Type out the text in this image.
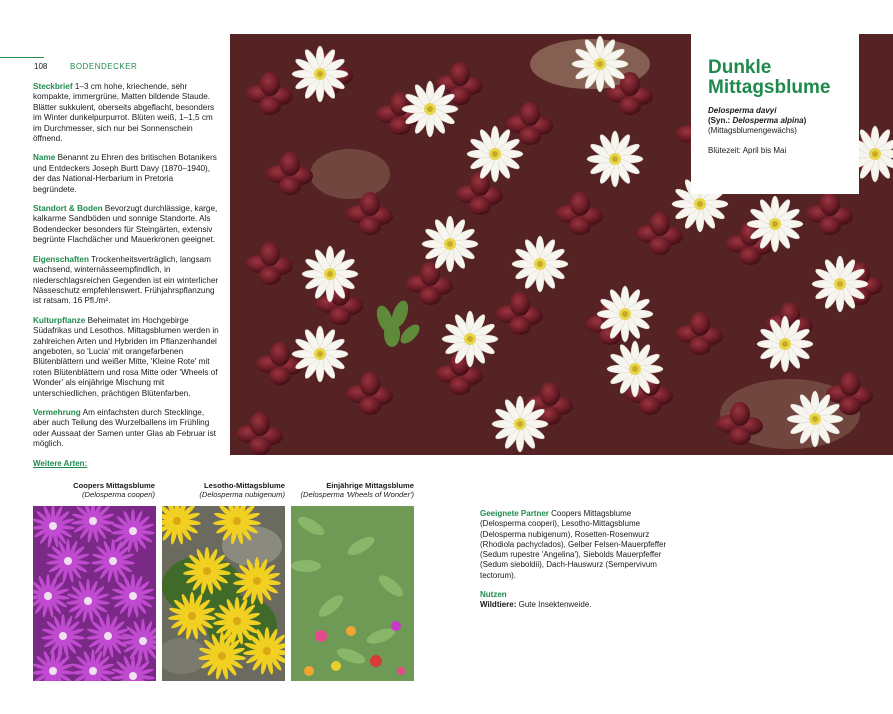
108	BODENDECKER

Steckbrief 1–3 cm hohe, kriechende, sehr kompakte, immergrüne, Matten bildende Staude. Blätter sukkulent, oberseits abgeflacht, besonders im Winter dunkelpurpurrot. Blüten weiß, 1–1,5 cm im Durchmesser, sich nur bei Sonnenschein öffnend.

Name Benannt zu Ehren des britischen Botanikers und Entdeckers Joseph Burtt Davy (1870–1940), der das National-Herbarium in Pretoria begründete.

Standort & Boden Bevorzugt durchlässige, karge, kalkarme Sandböden und sonnige Standorte. Als Bodendecker besonders für Steingärten, extensiv begrünte Flachdächer und Mauerkronen geeignet.

Eigenschaften Trockenheitsverträglich, langsam wachsend, winternässeempfindlich, in niederschlagsreichen Gegenden ist ein winterlicher Nässeschutz empfehlenswert. Frühjahrspflanzung ist ratsam. 16 Pfl./m².

Kulturpflanze Beheimatet im Hochgebirge Südafrikas und Lesothos. Mittagsblumen werden in zahlreichen Arten und Hybriden im Pflanzenhandel angeboten, so 'Lucia' mit orangefarbenen Blütenblättern und weißer Mitte, 'Kleine Rote' mit roten Blütenblättern und rosa Mitte oder 'Wheels of Wonder' als einjährige Mischung mit unterschiedlichen, prächtigen Blütenfarben.

Vermehrung Am einfachsten durch Stecklinge, aber auch Teilung des Wurzelballens im Frühling oder Aussaat der Samen unter Glas ab Februar ist möglich.

Dunkle
Mittagsblume
Delosperma davyi
(Syn.: Delosperma alpina)
(Mittagsblumengewächs)
Blütezeit: April bis Mai
Weitere Arten:
Coopers Mittagsblume
(Delosperma cooperi)
Lesotho-Mittagsblume
(Delosperma nubigenum)
Einjährige Mittagsblume
(Delosperma 'Wheels of Wonder')

Geeignete Partner Coopers Mittagsblume (Delosperma cooperi), Lesotho-Mittagsblume (Delosperma nubigenum), Rosetten-Rosenwurz (Rhodiola pachyclados), Gelber Felsen-Mauerpfeffer (Sedum rupestre 'Angelina'), Siebolds Mauerpfeffer (Sedum sieboldii), Dach-Hauswurz (Sempervivum tectorum).

Nutzen
Wildtiere: Gute Insektenweide.
